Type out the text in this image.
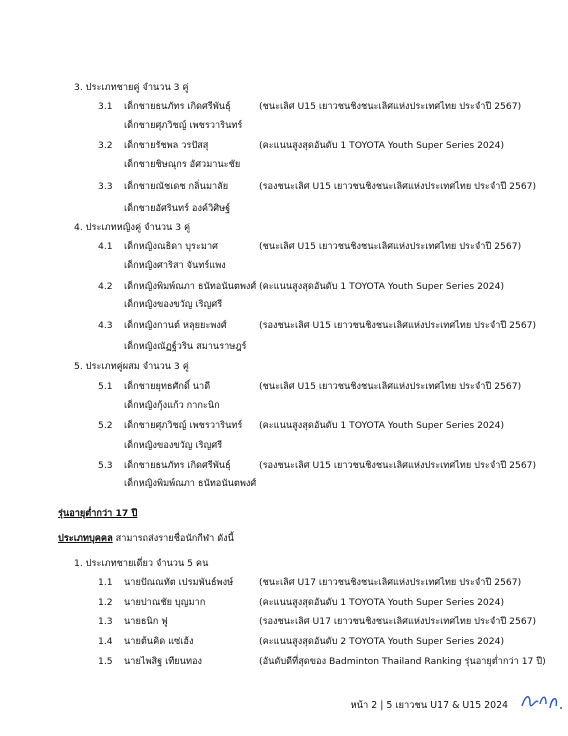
3. ประเภทชายคู่ จำนวน 3 คู่
3.1 เด็กชายธนภัทร เกิดศรีพันธุ์	(ชนะเลิศ U15 เยาวชนชิงชนะเลิศแห่งประเทศไทย ประจำปี 2567)
เด็กชายศุภวิชญ์ เพชรวารินทร์
3.2 เด็กชายรัชพล วรปัสสุ	(คะแนนสูงสุดอันดับ 1 TOYOTA Youth Super Series 2024)
เด็กชายชิษณุกร อัศวมานะชัย
3.3 เด็กชายณัชเดช กลิ่นมาลัย	(รองชนะเลิศ U15 เยาวชนชิงชนะเลิศแห่งประเทศไทย ประจำปี 2567)
เด็กชายอัศรินทร์ องค์วิศิษฐ์
4. ประเภทหญิงคู่ จำนวน 3 คู่
4.1 เด็กหญิงณธิดา บุระมาศ	(ชนะเลิศ U15 เยาวชนชิงชนะเลิศแห่งประเทศไทย ประจำปี 2567)
เด็กหญิงศาริสา จันทร์แพง
4.2 เด็กหญิงพิมพ์ณภา ธนัทอนันตพงศ์ (คะแนนสูงสุดอันดับ 1 TOYOTA Youth Super Series 2024)
เด็กหญิงของขวัญ เริญศรี
4.3 เด็กหญิงกานต์ หลุยยะพงศ์	(รองชนะเลิศ U15 เยาวชนชิงชนะเลิศแห่งประเทศไทย ประจำปี 2567)
เด็กหญิงณัฏฐ์วริน สมานราษฎร์
5. ประเภทคู่ผสม จำนวน 3 คู่
5.1 เด็กชายยุทธศักดิ์ นาดี	(ชนะเลิศ U15 เยาวชนชิงชนะเลิศแห่งประเทศไทย ประจำปี 2567)
เด็กหญิงกุ้งแก้ว กากะนิก
5.2 เด็กชายศุภวิชญ์ เพชรวารินทร์ (คะแนนสูงสุดอันดับ 1 TOYOTA Youth Super Series 2024)
เด็กหญิงของขวัญ เริญศรี
5.3 เด็กชายธนภัทร เกิดศรีพันธุ์	(รองชนะเลิศ U15 เยาวชนชิงชนะเลิศแห่งประเทศไทย ประจำปี 2567)
เด็กหญิงพิมพ์ณภา ธนัทอนันตพงศ์
รุ่นอายุต่ำกว่า 17 ปี
ประเภทบุคคล สามารถส่งรายชื่อนักกีฬา ดังนี้
1. ประเภทชายเดี่ยว จำนวน 5 คน
1.1 นายปัณณทัต เปรมพันธ์พงษ์	(ชนะเลิศ U17 เยาวชนชิงชนะเลิศแห่งประเทศไทย ประจำปี 2567)
1.2 นายปาณชัย บุญมาก	(คะแนนสูงสุดอันดับ 1 TOYOTA Youth Super Series 2024)
1.3 นายธนิก ฟู	(รองชนะเลิศ U17 เยาวชนชิงชนะเลิศแห่งประเทศไทย ประจำปี 2567)
1.4 นายต้นคิด แซ่เฮ้ง	(คะแนนสูงสุดอันดับ 2 TOYOTA Youth Super Series 2024)
1.5 นายไพสิฐ เทียนทอง	(อันดับดีที่สุดของ Badminton Thailand Ranking รุ่นอายุต่ำกว่า 17 ปี)
หน้า 2 | 5 เยาวชน U17 & U15 2024
